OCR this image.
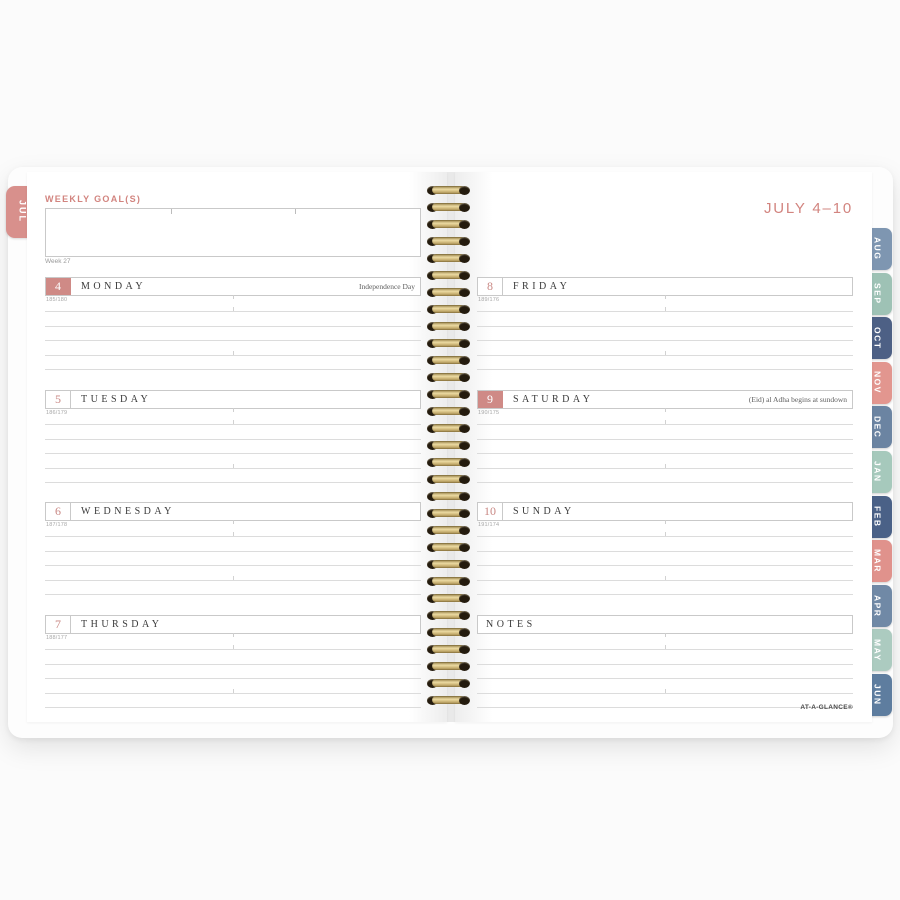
JUL
AUG
SEP
OCT
NOV
DEC
JAN
FEB
MAR
APR
MAY
JUN
WEEKLY GOAL(S)
Week 27
JULY 4–10
4	MONDAY	Independence Day
185/180
5	TUESDAY
186/179
6	WEDNESDAY
187/178
7	THURSDAY
188/177
8	FRIDAY
189/176
9	SATURDAY	(Eid) al Adha begins at sundown
190/175
10	SUNDAY
191/174
NOTES
AT-A-GLANCE®
